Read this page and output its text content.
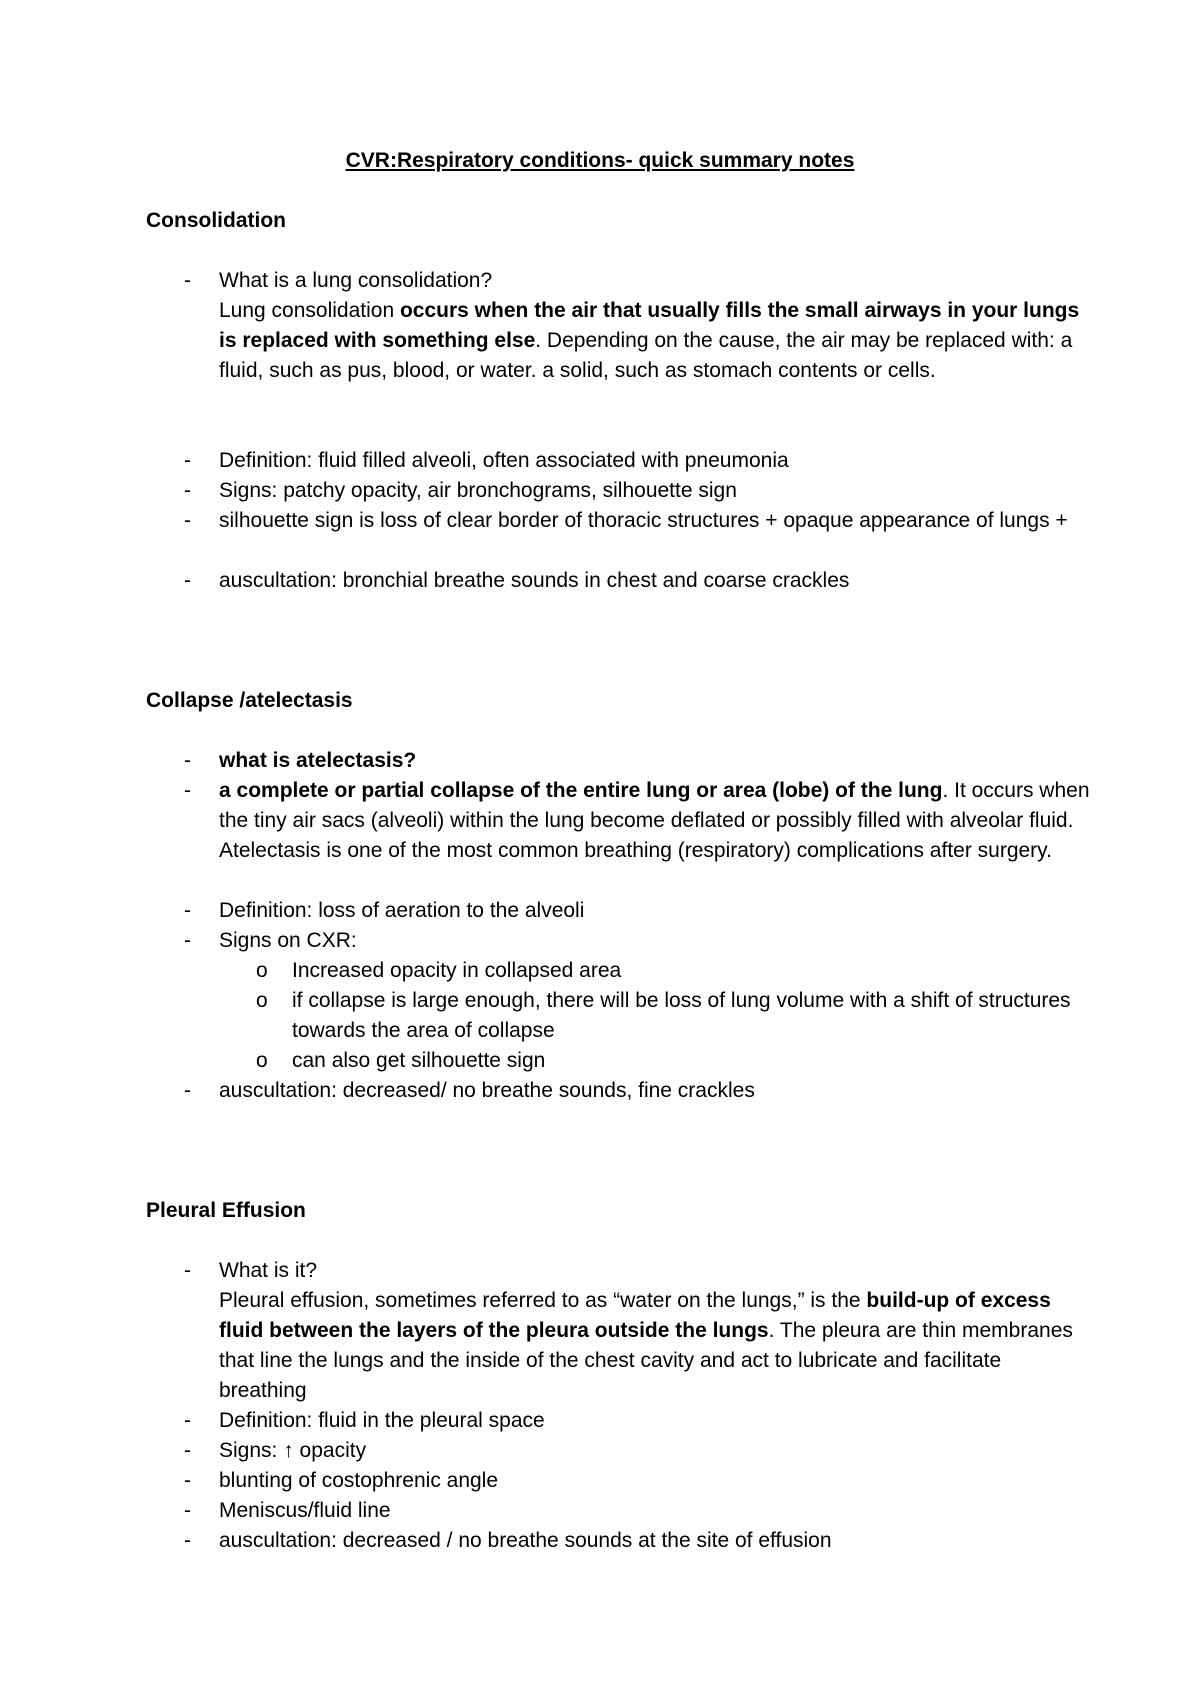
CVR:Respiratory conditions- quick summary notes
Consolidation
- What is a lung consolidation?
Lung consolidation occurs when the air that usually fills the small airways in your lungs is replaced with something else. Depending on the cause, the air may be replaced with: a fluid, such as pus, blood, or water. a solid, such as stomach contents or cells.
- Definition: fluid filled alveoli, often associated with pneumonia
- Signs: patchy opacity, air bronchograms, silhouette sign
- silhouette sign is loss of clear border of thoracic structures + opaque appearance of lungs +
- auscultation: bronchial breathe sounds in chest and coarse crackles
Collapse /atelectasis
- what is atelectasis?
- a complete or partial collapse of the entire lung or area (lobe) of the lung. It occurs when the tiny air sacs (alveoli) within the lung become deflated or possibly filled with alveolar fluid. Atelectasis is one of the most common breathing (respiratory) complications after surgery.
- Definition: loss of aeration to the alveoli
- Signs on CXR:
o Increased opacity in collapsed area
o if collapse is large enough, there will be loss of lung volume with a shift of structures towards the area of collapse
o can also get silhouette sign
- auscultation: decreased/ no breathe sounds, fine crackles
Pleural Effusion
- What is it?
Pleural effusion, sometimes referred to as “water on the lungs,” is the build-up of excess fluid between the layers of the pleura outside the lungs. The pleura are thin membranes that line the lungs and the inside of the chest cavity and act to lubricate and facilitate breathing
- Definition: fluid in the pleural space
- Signs: ↑ opacity
- blunting of costophrenic angle
- Meniscus/fluid line
- auscultation: decreased / no breathe sounds at the site of effusion
